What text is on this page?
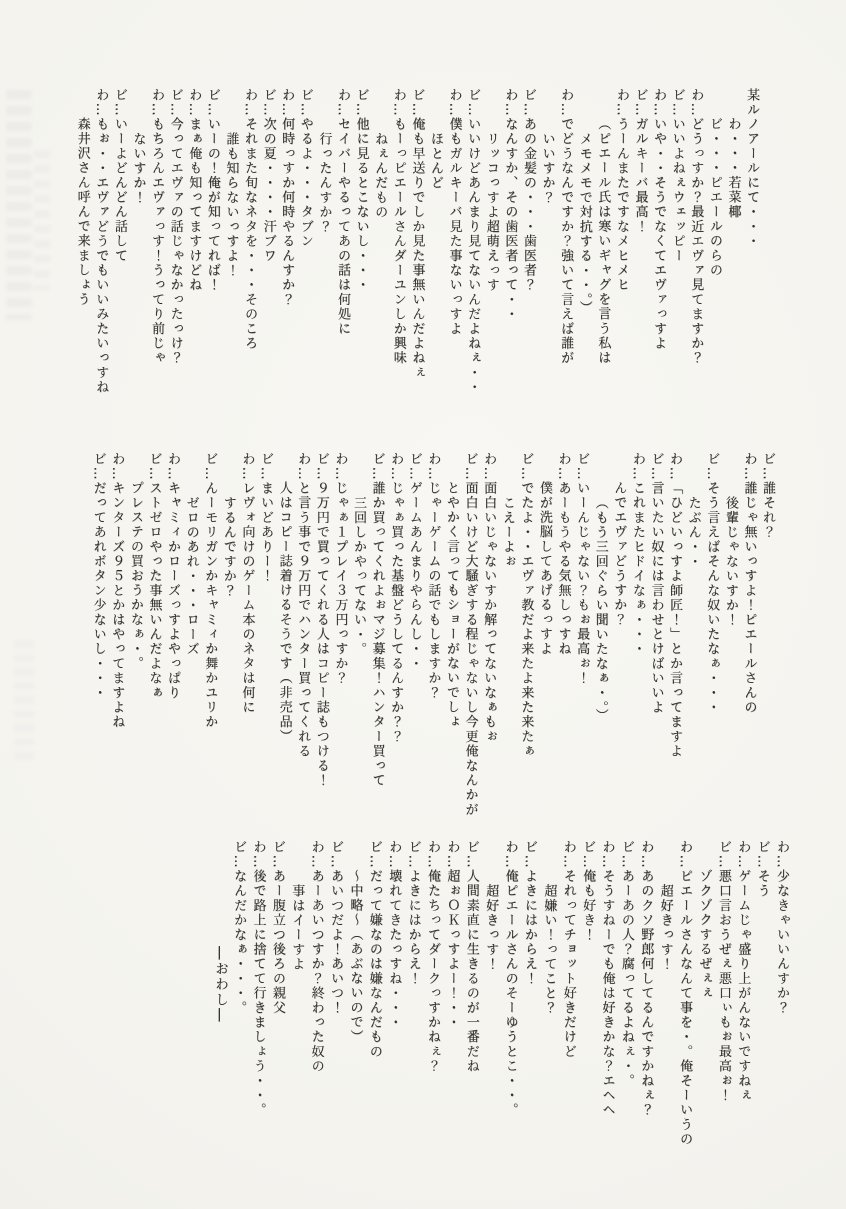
某ルノアールにて・・・
わ・・・若菜椰
ビ・・・ピエールのらの
わ…どうっすか？最近エヴァ見てますか？
ビ…いいよねぇウェッピー
わ…いや・・そうでなくてエヴァっすよ
ビ…ガルキーバ最高！
わ…うーんまたですなメヒメヒ
（ピエール氏は寒いギャグを言う私は
メモメモで対抗する・・。）
わ…でどうなんですか？強いて言えば誰が
いいすか？
ビ…あの金髪の・・・歯医者？
わ…なんすか、その歯医者って・・
リッコっすよ超萌えっす
ビ…いいけどあんまり見てないんだよねぇ・・
わ…僕もガルキーバ見た事ないっすよ
ほとんど
ビ…俺も早送りでしか見た事無いんだよねぇ
わ…もーっピエールさんダーユンしか興味
ねぇんだもの
ビ…他に見るとこないし・・・
わ…セイバーやるってあの話は何処に
行ったんすか？
ビ…やるよ・・・タブン
わ…何時っすか何時やるんすか？
ビ…次の夏・・・・汗ブワ
わ…それまた旬なネタを・・・そのころ
誰も知らないっすよ！
ビ…いーの！俺が知ってれば！
わ…まぁ俺も知ってますけどね
ビ…今ってエヴァの話じゃなかったっけ？
わ…もちろんエヴァっす！うってり前じゃ
ないすか！
ビ…いーよどんどん話して
わ…もぉ・・エヴァどうでもいいみたいっすね
森井沢さん呼んで来ましょう
ビ…誰それ？
わ…誰じゃ無いっすよ！ピエールさんの
後輩じゃないすか！
ビ…そう言えばそんな奴いたなぁ・・・
たぶん・・
わ…「ひどいっすよ師匠！」とか言ってますよ
ビ…言いたい奴には言わせとけばいいよ
わ…これまたヒドイなぁ・・・
んでエヴァどうすか？
（もう三回ぐらい聞いたなぁ・。）
ビ…いーんじゃない？もぉ最高ぉ！
わ…あーもうやる気無しっすね
僕が洗脳してあげるっすよ
ビ…でたよ・・エヴァ教だよ来たよ来た来たぁ
こえーよぉ
わ…面白いじゃないすか解ってないなぁもぉ
ビ…面白いけど大騒ぎする程じゃないし今更俺なんかが
とやかく言ってもショーがないでしょ
わ…じゃーゲームの話でもしますか？
ビ…ゲームあんまりやらんし・・
わ…じゃぁ買った基盤どうしてるんすか？？
ビ…誰か買ってくれよぉマジ募集！ハンター買って
三回しかやってない・。
わ…じゃぁ１プレイ３万円っすか？
ビ…９万円で買ってくれる人はコピー誌もつける！
わ…と言う事で９万円でハンター買ってくれる
人はコピー誌着けるそうです（非売品）
ビ…まいどありー！
わ…レヴォ向けのゲーム本のネタは何に
するんですか？
ビ…んーモリガンかキャミィか舞かユリか
ゼロのあれ・・・ローズ
わ…キャミィかローズっすよやっぱり
ビ…ストゼロやった事無いんだよなぁ
プレステの買おうかなぁ・。
わ…キンターズ９５とかはやってますよね
ビ…だってあれボタン少ないし・・・
わ…少なきゃいいんすか？
ビ…そう
わ…ゲームじゃ盛り上がんないですねぇ
ビ…悪口言おうぜぇ悪口ぃもぉ最高ぉ！
ゾクゾクするぜぇぇ
わ…ピエールさんなんて事を・。俺そーいうの
超好きっす！
わ…あのクソ野郎何してるんですかねぇ？
ビ…あーあの人？腐ってるよねぇ・。
わ…そうすねーでも俺は好きかな？エヘヘ
ビ…俺も好き！
わ…それってチョット好きだけど
超嫌い！ってこと？
ビ…よきにはからえ！
わ…俺ピエールさんのそーゆうとこ・・。
超好きっす！
ビ…人間素直に生きるのが一番だね
わ…超ぉＯＫっすよー！・・
わ…俺たちってダークっすかねぇ？
ビ…よきにはからえ！
わ…壊れてきたっすね・・・
ビ…だって嫌なのは嫌なんだもの
～中略～（あぶないので）
ビ…あいつだよ！あいつ！
わ…あーあいつすか？終わった奴の
事はイーすよ
ビ…あー腹立つ後ろの親父
わ…後で路上に捨てて行きましょう・・。
ビ…なんだかなぁ・・・。
―おわし―
